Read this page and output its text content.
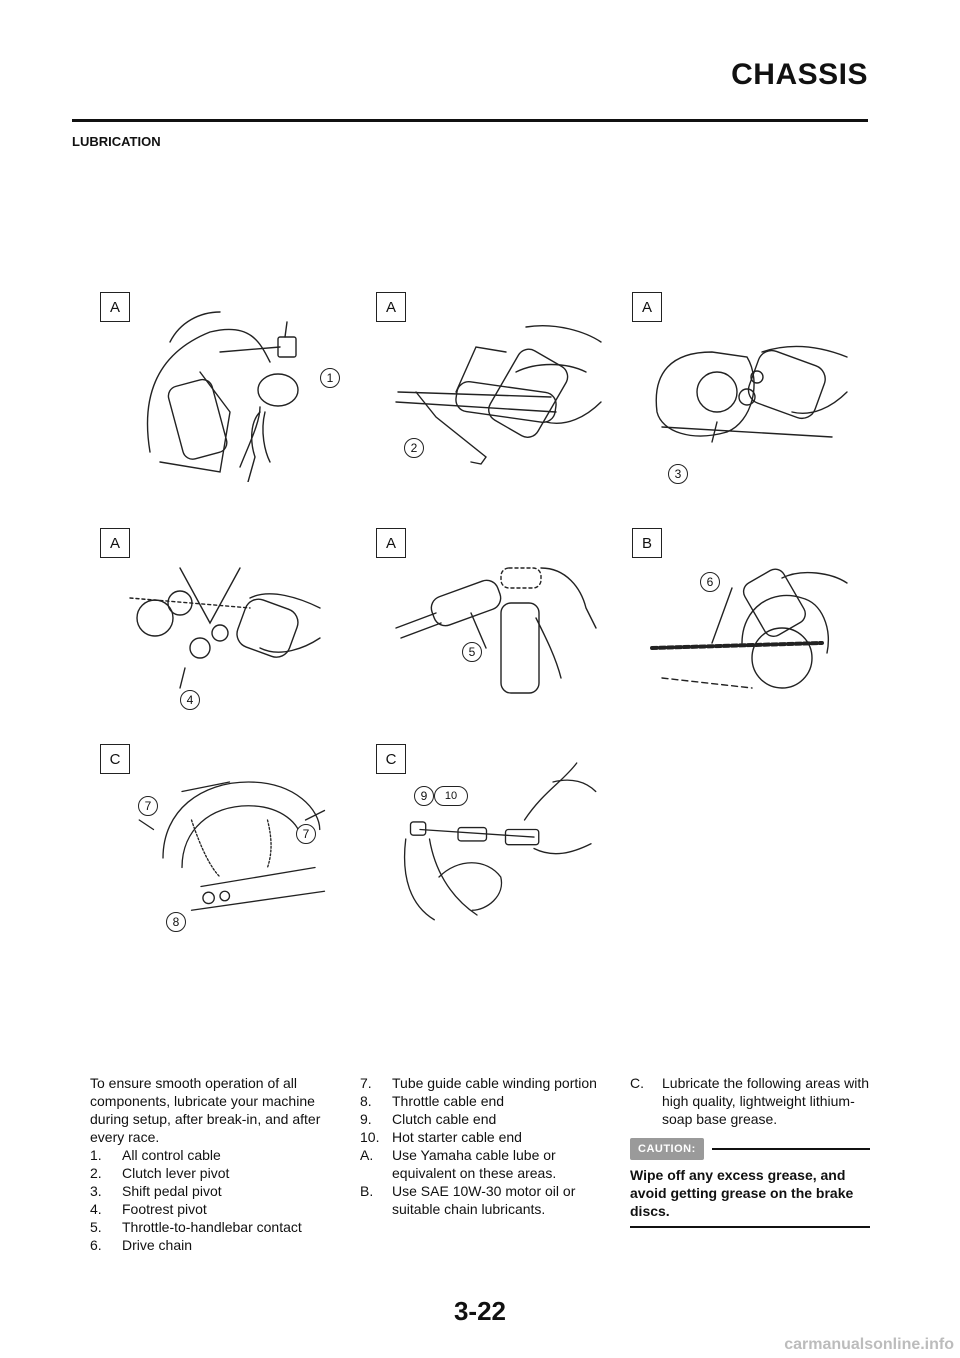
CHASSIS
LUBRICATION
A
1
A
2
A
3
A
4
A
5
B
6
C
7
7
8
C
9	10
To ensure smooth operation of all components, lubricate your machine during setup, after break-in, and after every race.
1.	All control cable
2.	Clutch lever pivot
3.	Shift pedal pivot
4.	Footrest pivot
5.	Throttle-to-handlebar contact
6.	Drive chain
7.	Tube guide cable winding portion
8.	Throttle cable end
9.	Clutch cable end
10. Hot starter cable end
A.	Use Yamaha cable lube or equivalent on these areas.
B.	Use SAE 10W-30 motor oil or suitable chain lubricants.
C.	Lubricate the following areas with high quality, lightweight lithium-soap base grease.
CAUTION:
Wipe off any excess grease, and avoid getting grease on the brake discs.
3-22
carmanualsonline.info
